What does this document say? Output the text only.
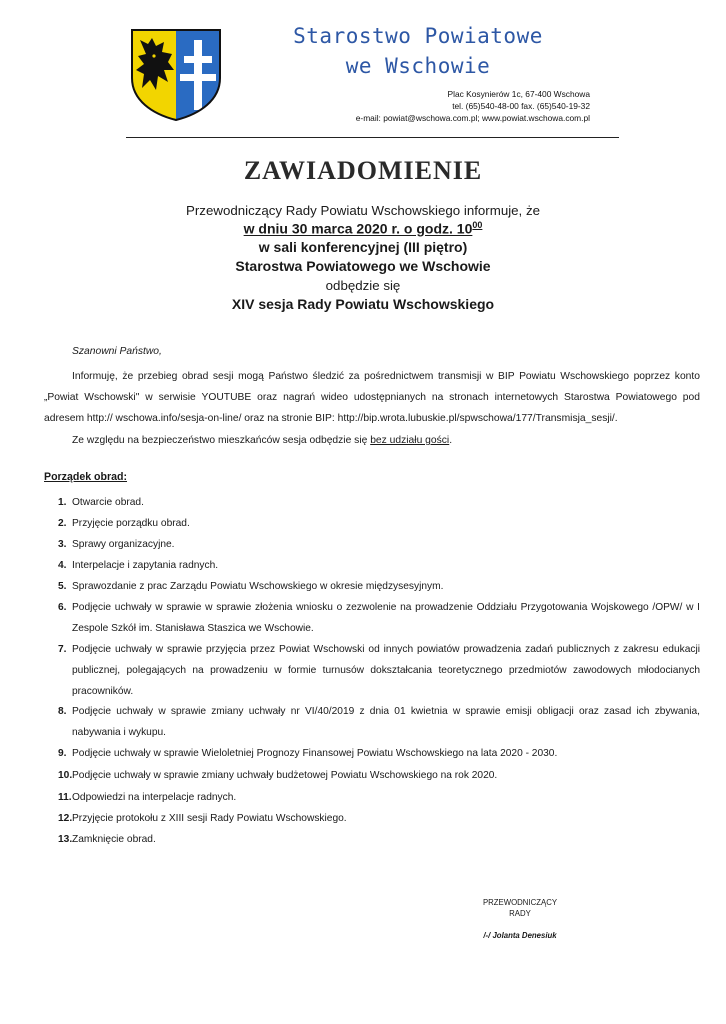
Starostwo Powiatowe
we Wschowie
Plac Kosynierów 1c, 67-400 Wschowa
tel. (65)540-48-00 fax. (65)540-19-32
e-mail: powiat@wschowa.com.pl; www.powiat.wschowa.com.pl
ZAWIADOMIENIE
Przewodniczący Rady Powiatu Wschowskiego informuje, że
w dniu 30 marca 2020 r. o godz. $10^{00}$
w sali konferencyjnej (III piętro)
Starostwa Powiatowego we Wschowie
odbędzie się
XIV sesja Rady Powiatu Wschowskiego
Szanowni Państwo,
Informuję, że przebieg obrad sesji mogą Państwo śledzić za pośrednictwem transmisji w BIP Powiatu Wschowskiego poprzez konto „Powiat Wschowski" w serwisie YOUTUBE oraz nagrań wideo udostępnianych na stronach internetowych Starostwa Powiatowego pod adresem http:// wschowa.info/sesja-on-line/ oraz na stronie BIP: http://bip.wrota.lubuskie.pl/spwschowa/177/Transmisja_sesji/.
Ze względu na bezpieczeństwo mieszkańców sesja odbędzie się bez udziału gości.
Porządek obrad:
1. Otwarcie obrad.
2. Przyjęcie porządku obrad.
3. Sprawy organizacyjne.
4. Interpelacje i zapytania radnych.
5. Sprawozdanie z prac Zarządu Powiatu Wschowskiego w okresie międzysesyjnym.
6. Podjęcie uchwały w sprawie w sprawie złożenia wniosku o zezwolenie na prowadzenie Oddziału Przygotowania Wojskowego /OPW/ w I Zespole Szkół im. Stanisława Staszica we Wschowie.
7. Podjęcie uchwały w sprawie przyjęcia przez Powiat Wschowski od innych powiatów prowadzenia zadań publicznych z zakresu edukacji publicznej, polegających na prowadzeniu w formie turnusów dokształcania teoretycznego przedmiotów zawodowych młodocianych pracowników.
8. Podjęcie uchwały w sprawie zmiany uchwały nr VI/40/2019 z dnia 01 kwietnia w sprawie emisji obligacji oraz zasad ich zbywania, nabywania i wykupu.
9. Podjęcie uchwały w sprawie Wieloletniej Prognozy Finansowej Powiatu Wschowskiego na lata 2020 - 2030.
10. Podjęcie uchwały w sprawie zmiany uchwały budżetowej Powiatu Wschowskiego na rok 2020.
11. Odpowiedzi na interpelacje radnych.
12. Przyjęcie protokołu z XIII sesji Rady Powiatu Wschowskiego.
13. Zamknięcie obrad.
PRZEWODNICZĄCY
RADY
/-/ Jolanta Denesiuk
